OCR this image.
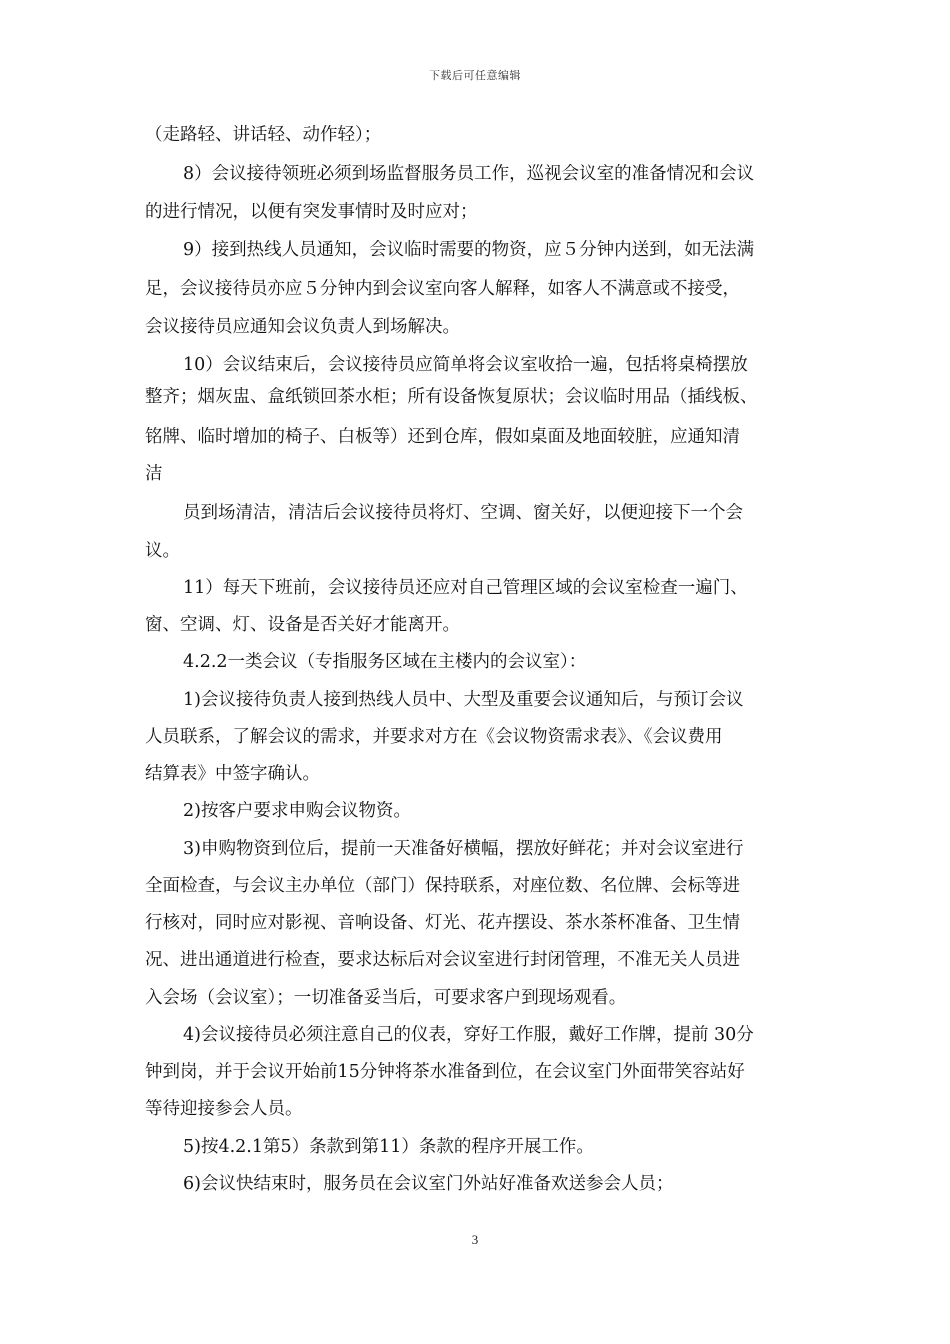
下载后可任意编辑
（走路轻、讲话轻、动作轻）；
8）会议接待领班必须到场监督服务员工作，巡视会议室的准备情况和会议
的进行情况，以便有突发事情时及时应对；
9）接到热线人员通知，会议临时需要的物资，应５分钟内送到，如无法满
足，会议接待员亦应５分钟内到会议室向客人解释，如客人不满意或不接受，
会议接待员应通知会议负责人到场解决。
10）会议结束后，会议接待员应简单将会议室收拾一遍，包括将桌椅摆放
整齐；烟灰盅、盒纸锁回茶水柜；所有设备恢复原状；会议临时用品（插线板、
铭牌、临时增加的椅子、白板等）还到仓库，假如桌面及地面较脏，应通知清
洁
员到场清洁，清洁后会议接待员将灯、空调、窗关好，以便迎接下一个会
议。
11）每天下班前，会议接待员还应对自己管理区域的会议室检查一遍门、
窗、空调、灯、设备是否关好才能离开。
4.2.2一类会议（专指服务区域在主楼内的会议室）：
1)会议接待负责人接到热线人员中、大型及重要会议通知后，与预订会议
人员联系，了解会议的需求，并要求对方在《会议物资需求表》、《会议费用
结算表》中签字确认。
2)按客户要求申购会议物资。
3)申购物资到位后，提前一天准备好横幅，摆放好鲜花；并对会议室进行
全面检查，与会议主办单位（部门）保持联系，对座位数、名位牌、会标等进
行核对，同时应对影视、音响设备、灯光、花卉摆设、茶水茶杯准备、卫生情
况、进出通道进行检查，要求达标后对会议室进行封闭管理，不准无关人员进
入会场（会议室）；一切准备妥当后，可要求客户到现场观看。
4)会议接待员必须注意自己的仪表，穿好工作服，戴好工作牌，提前 30分
钟到岗，并于会议开始前15分钟将茶水准备到位，在会议室门外面带笑容站好
等待迎接参会人员。
5)按4.2.1第5）条款到第11）条款的程序开展工作。
6)会议快结束时，服务员在会议室门外站好准备欢送参会人员；
3
